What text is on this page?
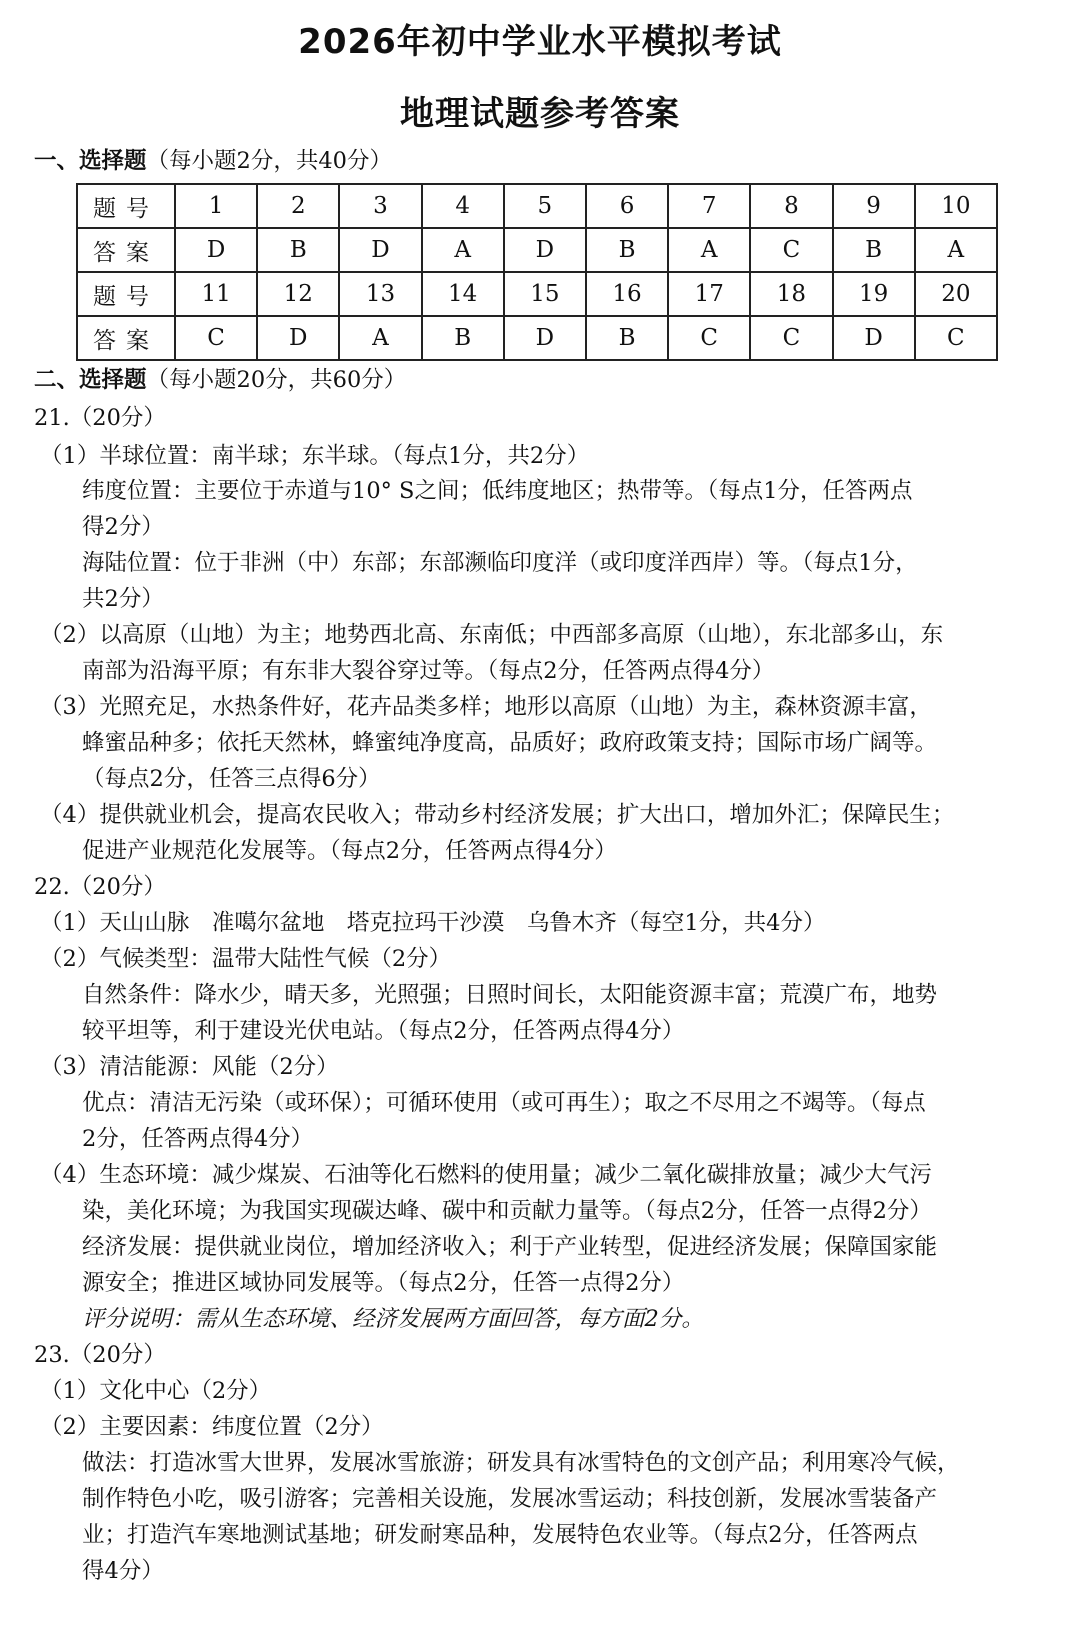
2026年初中学业水平模拟考试
地理试题参考答案
一、选择题（每小题2分，共40分）
题号	1	2	3	4	5	6	7	8	9	10
答案	D	B	D	A	D	B	A	C	B	A
题号	11	12	13	14	15	16	17	18	19	20
答案	C	D	A	B	D	B	C	C	D	C
二、选择题（每小题20分，共60分）
21.（20分）
（1）半球位置：南半球；东半球。（每点1分，共2分）
纬度位置：主要位于赤道与10° S之间；低纬度地区；热带等。（每点1分，任答两点
得2分）
海陆位置：位于非洲（中）东部；东部濒临印度洋（或印度洋西岸）等。（每点1分，
共2分）
（2）以高原（山地）为主；地势西北高、东南低；中西部多高原（山地），东北部多山，东
南部为沿海平原；有东非大裂谷穿过等。（每点2分，任答两点得4分）
（3）光照充足，水热条件好，花卉品类多样；地形以高原（山地）为主，森林资源丰富，
蜂蜜品种多；依托天然林，蜂蜜纯净度高，品质好；政府政策支持；国际市场广阔等。
（每点2分，任答三点得6分）
（4）提供就业机会，提高农民收入；带动乡村经济发展；扩大出口，增加外汇；保障民生；
促进产业规范化发展等。（每点2分，任答两点得4分）
22.（20分）
（1）天山山脉　准噶尔盆地　塔克拉玛干沙漠　乌鲁木齐（每空1分，共4分）
（2）气候类型：温带大陆性气候（2分）
自然条件：降水少，晴天多，光照强；日照时间长，太阳能资源丰富；荒漠广布，地势
较平坦等，利于建设光伏电站。（每点2分，任答两点得4分）
（3）清洁能源：风能（2分）
优点：清洁无污染（或环保）；可循环使用（或可再生）；取之不尽用之不竭等。（每点
2分，任答两点得4分）
（4）生态环境：减少煤炭、石油等化石燃料的使用量；减少二氧化碳排放量；减少大气污
染，美化环境；为我国实现碳达峰、碳中和贡献力量等。（每点2分，任答一点得2分）
经济发展：提供就业岗位，增加经济收入；利于产业转型，促进经济发展；保障国家能
源安全；推进区域协同发展等。（每点2分，任答一点得2分）
评分说明：需从生态环境、经济发展两方面回答，每方面2分。
23.（20分）
（1）文化中心（2分）
（2）主要因素：纬度位置（2分）
做法：打造冰雪大世界，发展冰雪旅游；研发具有冰雪特色的文创产品；利用寒冷气候，
制作特色小吃，吸引游客；完善相关设施，发展冰雪运动；科技创新，发展冰雪装备产
业；打造汽车寒地测试基地；研发耐寒品种，发展特色农业等。（每点2分，任答两点
得4分）
